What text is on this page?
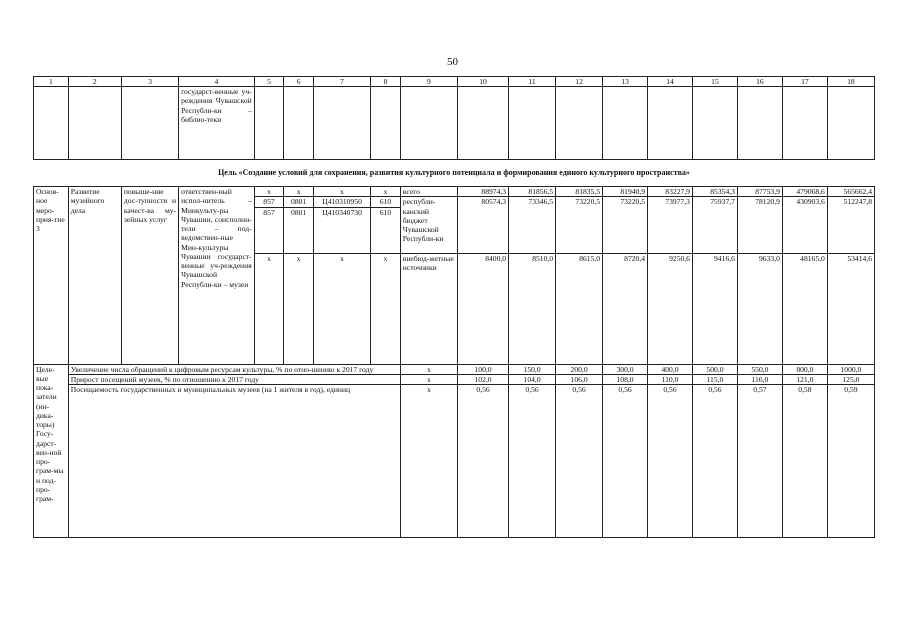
50
1	2	3	4	5	6	7	8	9	10	11	12	13	14	15	16	17	18
			государст-венные уч-реждения Чувашской Республи-ки – библио-теки														
Цель «Создание условий для сохранения, развития культурного потенциала и формирования единого культурного пространства»																	
Основ-ное меро-прия-тие 3	Развитие музейного дела	повыше-ние дос-тупности и качест-ва му-зейных услуг	ответствен-ный испол-нитель – Минкульту-ры Чувашии, соисполни-тели – под-ведомствен-ные Мин-культуры Чувашии государст-венные уч-реждения Чувашской Республи-ки – музеи	x	x	x	x	всего	88974,3	81856,5	81835,5	81940,9	83227,9	85354,3	87753,9	479068,6	565662,4
				857	0801	Ц410310950	610	республи-канский бюджет Чувашской Республи-ки	80574,3	73346,5	73220,5	73220,5	73977,3	75937,7	78120,9	430903,6	512247,8
				857	0801	Ц410340730	610										
				x	x	x	x	внебюд-жетные источники	8400,0	8510,0	8615,0	8720,4	9250,6	9416,6	9633,0	48165,0	53414,6
Целе-вые пока-затели (ин-дика-торы) Госу-дарст-вен-ной про-грам-мы и под-про-грам-	Увеличение числа обращений к цифровым ресурсам культуры, % по отно-шению к 2017 году							x	100,0	150,0	200,0	300,0	400,0	500,0	550,0	800,0	1000,0
	Прирост посещений музеев, % по отношению к 2017 году							x	102,0	104,0	106,0	108,0	110,0	115,0	116,0	121,0	125,0
	Посещаемость государственных и муниципальных музеев (на 1 жителя в год), единиц							x	0,56	0,56	0,56	0,56	0,56	0,56	0,57	0,58	0,59
